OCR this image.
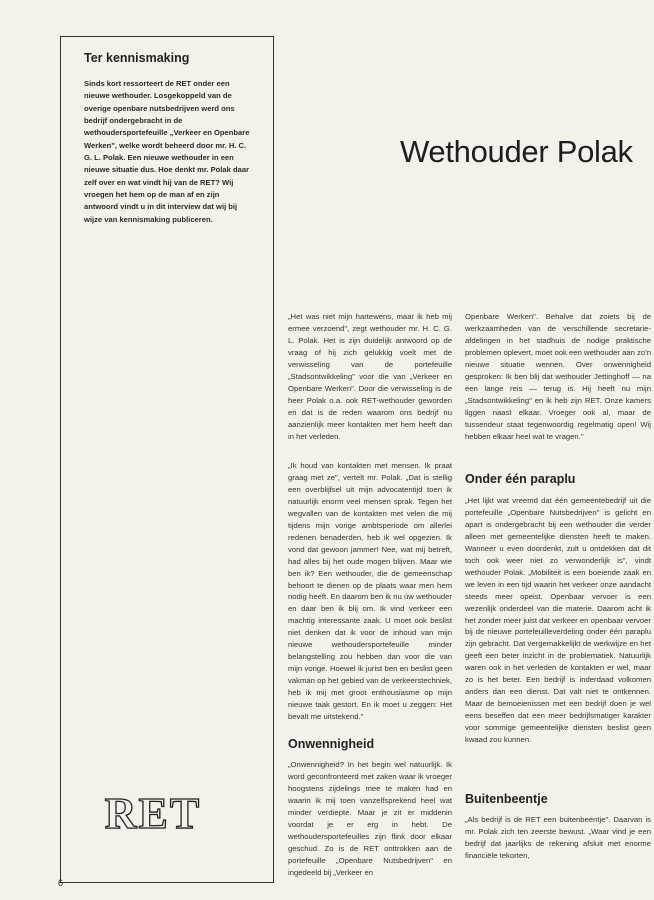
Ter kennismaking
Sinds kort ressorteert de RET onder een nieuwe wethouder. Losgekoppeld van de overige openbare nutsbedrijven werd ons bedrijf ondergebracht in de wethoudersportefeuille „Verkeer en Openbare Werken", welke wordt beheerd door mr. H. C. G. L. Polak. Een nieuwe wethouder in een nieuwe situatie dus. Hoe denkt mr. Polak daar zelf over en wat vindt hij van de RET? Wij vroegen het hem op de man af en zijn antwoord vindt u in dit interview dat wij bij wijze van kennismaking publiceren.
RET
6
Wethouder Polak

„Het was niet mijn hartewens, maar ik heb mij ermee verzoend", zegt wethouder mr. H. C. G. L. Polak. Het is zijn duidelijk antwoord op de vraag of hij zich gelukkig voelt met de verwisseling van de portefeuille „Stadsontwikkeling" voor die van „Verkeer en Openbare Werken". Door die verwisseling is de heer Polak o.a. ook RET-wethouder geworden en dat is de reden waarom ons bedrijf nu aanzienlijk meer kontakten met hem heeft dan in het verleden.

„Ik houd van kontakten met mensen. Ik praat graag met ze", vertelt mr. Polak. „Dat is stellig een overblijfsel uit mijn advocatentijd toen ik natuurlijk enorm veel mensen sprak. Tegen het wegvallen van de kontakten met velen die mij tijdens mijn vorige ambtsperiode om allerlei redenen benaderden, heb ik wel opgezien. Ik vond dat gewoon jammer! Nee, wat mij betreft, had alles bij het oude mogen blijven. Maar wie ben ik? Een wethouder, die de gemeenschap behoort te dienen op de plaats waar men hem nodig heeft. En daarom ben ik nu úw wethouder en daar ben ik blij om. Ik vind verkeer een machtig interessante zaak. U moet ook beslist niet denken dat ik voor de inhoud van mijn nieuwe wethoudersportefeuille minder belangstelling zou hebben dan voor die van mijn vorige. Hoewel ik jurist ben en beslist geen vakman op het gebied van de verkeerstechniek, heb ik mij met groot enthousiasme op mijn nieuwe taak gestort. En ik moet u zeggen: Het bevalt me uitstekend."

Onwennigheid

„Onwennigheid? In het begin wel natuurlijk. Ik word geconfronteerd met zaken waar ik vroeger hoogstens zijdelings mee te maken had en waarin ik mij toen vanzelfsprekend heel wat minder verdiepte. Maar je zit er middenin voordat je er erg in hebt. De wethoudersportefeuilles zijn flink door elkaar geschud. Zo is de RET onttrokken aan de portefeuille „Openbare Nutsbedrijven" en ingedeeld bij „Verkeer en

Openbare Werken". Behalve dat zoiets bij de werkzaamheden van de verschillende secretarie-afdelingen in het stadhuis de nodige praktische problemen oplevert, moet ook een wethouder aan zo'n nieuwe situatie wennen. Over onwennigheid gesproken: Ik ben blij dat wethouder Jettinghoff — na een lange reis — terug is. Hij heeft nu mijn „Stadsontwikkeling" en ik heb zijn RET. Onze kamers liggen naast elkaar. Vroeger ook al, maar de tussendeur staat tegenwoordig regelmatig open! Wij hebben elkaar heel wat te vragen."

Onder één paraplu

„Het lijkt wat vreemd dat één gemeentebedrijf uit die portefeuille „Openbare Nutsbedrijven" is gelicht en apart is ondergebracht bij een wethouder die verder alleen met gemeentelijke diensten heeft te maken. Wanneer u even doordenkt, zult u ontdekken dat dit toch ook weer niet zo verwonderlijk is", vindt wethouder Polak. „Mobiliteit is een boeiende zaak en we leven in een tijd waarin het verkeer onze aandacht steeds meer opeist. Openbaar vervoer is een wezenlijk onderdeel van die materie. Daarom acht ik het zonder meer juist dat verkeer en openbaar vervoer bij de nieuwe portefeuilleverdeling onder één paraplu zijn gebracht. Dat vergemakkelijkt de werkwijze en het geeft een beter inzicht in de problematiek. Natuurlijk waren ook in het verleden de kontakten er wel, maar zo is het beter. Een bedrijf is inderdaad volkomen anders dan een dienst. Dat valt niet te ontkennen. Maar de bemoeienissen met een bedrijf doen je wel eens beseffen dat een meer bedrijfsmatiger karakter voor sommige gemeentelijke diensten beslist geen kwaad zou kunnen.

Buitenbeentje

„Als bedrijf is de RET een buitenbeentje". Daarvan is mr. Polak zich ten zeerste bewust. „Waar vind je een bedrijf dat jaarlijks de rekening afsluit met enorme financiële tekorten,
